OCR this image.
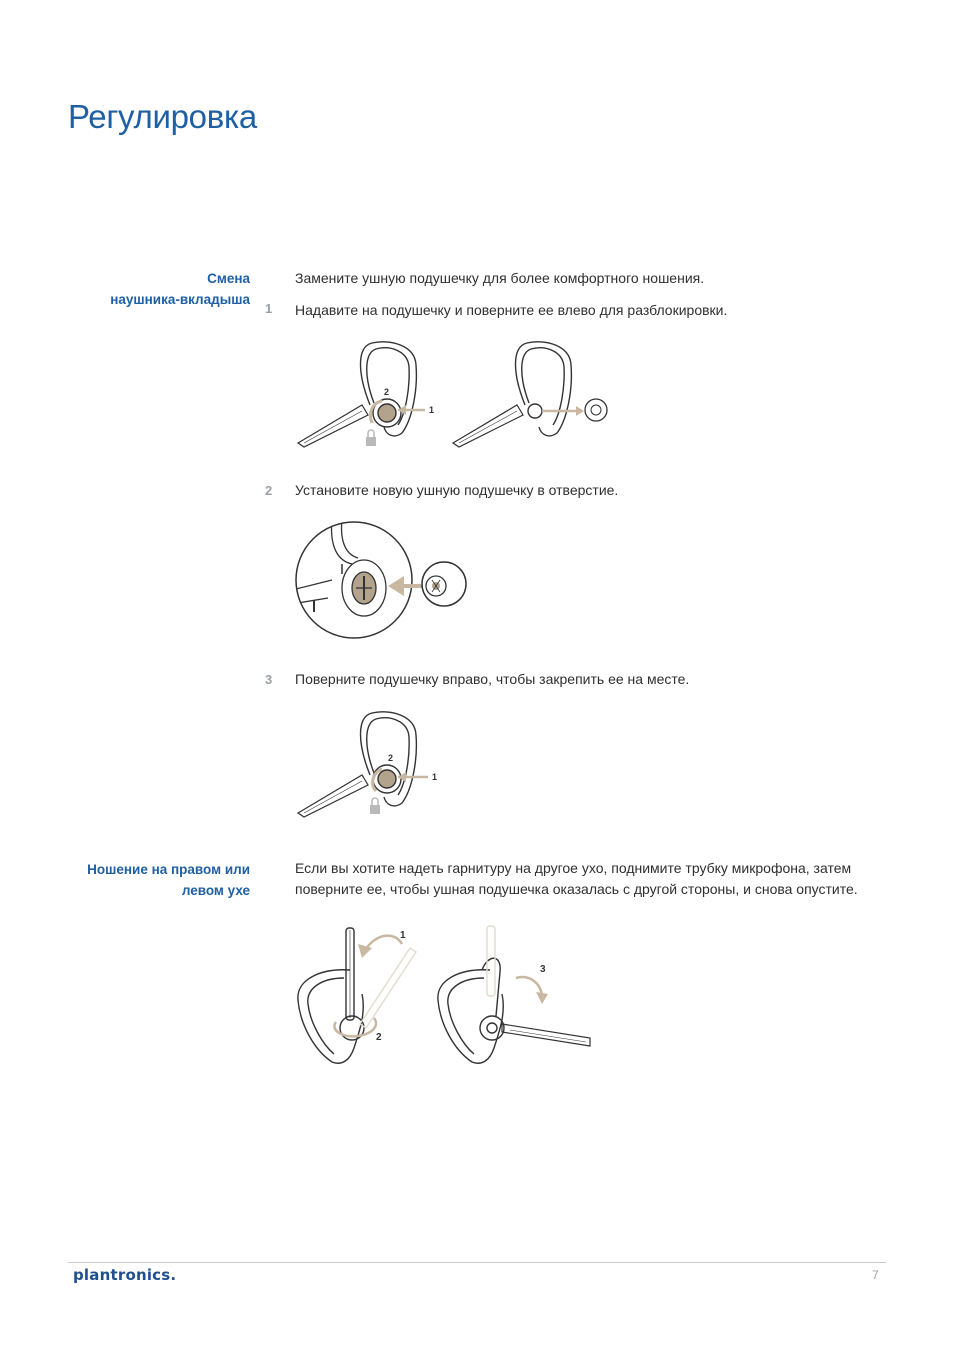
Регулировка
Смена
наушника-вкладыша
Замените ушную подушечку для более комфортного ношения.
1 Надавите на подушечку и поверните ее влево для разблокировки.
2
1
2 Установите новую ушную подушечку в отверстие.
3 Поверните подушечку вправо, чтобы закрепить ее на месте.
2
1
Ношение на правом или
левом ухе
Если вы хотите надеть гарнитуру на другое ухо, поднимите трубку микрофона, затем
поверните ее, чтобы ушная подушечка оказалась с другой стороны, и снова опустите.
1
2
3
plantronics.	7
